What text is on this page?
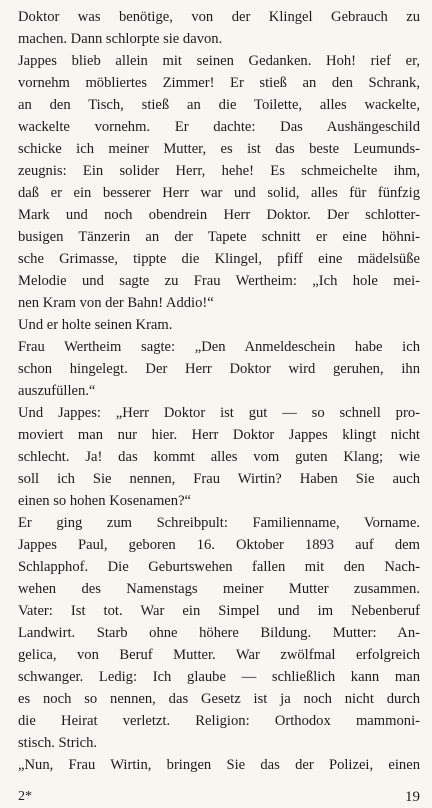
Doktor was benötige, von der Klingel Gebrauch zu
machen. Dann schlorpte sie davon.
Jappes blieb allein mit seinen Gedanken. Hoh! rief er,
vornehm möbliertes Zimmer! Er stieß an den Schrank,
an den Tisch, stieß an die Toilette, alles wackelte,
wackelte vornehm. Er dachte: Das Aushängeschild
schicke ich meiner Mutter, es ist das beste Leumunds-
zeugnis: Ein solider Herr, hehe! Es schmeichelte ihm,
daß er ein besserer Herr war und solid, alles für fünfzig
Mark und noch obendrein Herr Doktor. Der schlotter-
busigen Tänzerin an der Tapete schnitt er eine höhni-
sche Grimasse, tippte die Klingel, pfiff eine mädelsüße
Melodie und sagte zu Frau Wertheim: „Ich hole mei-
nen Kram von der Bahn! Addio!“
Und er holte seinen Kram.
Frau Wertheim sagte: „Den Anmeldeschein habe ich
schon hingelegt. Der Herr Doktor wird geruhen, ihn
auszufüllen.“
Und Jappes: „Herr Doktor ist gut — so schnell pro-
moviert man nur hier. Herr Doktor Jappes klingt nicht
schlecht. Ja! das kommt alles vom guten Klang; wie
soll ich Sie nennen, Frau Wirtin? Haben Sie auch
einen so hohen Kosenamen?“
Er ging zum Schreibpult: Familienname, Vorname.
Jappes Paul, geboren 16. Oktober 1893 auf dem
Schlapphof. Die Geburtswehen fallen mit den Nach-
wehen des Namenstags meiner Mutter zusammen.
Vater: Ist tot. War ein Simpel und im Nebenberuf
Landwirt. Starb ohne höhere Bildung. Mutter: An-
gelica, von Beruf Mutter. War zwölfmal erfolgreich
schwanger. Ledig: Ich glaube — schließlich kann man
es noch so nennen, das Gesetz ist ja noch nicht durch
die Heirat verletzt. Religion: Orthodox mammoni-
stisch. Strich.
„Nun, Frau Wirtin, bringen Sie das der Polizei, einen
2*	19
